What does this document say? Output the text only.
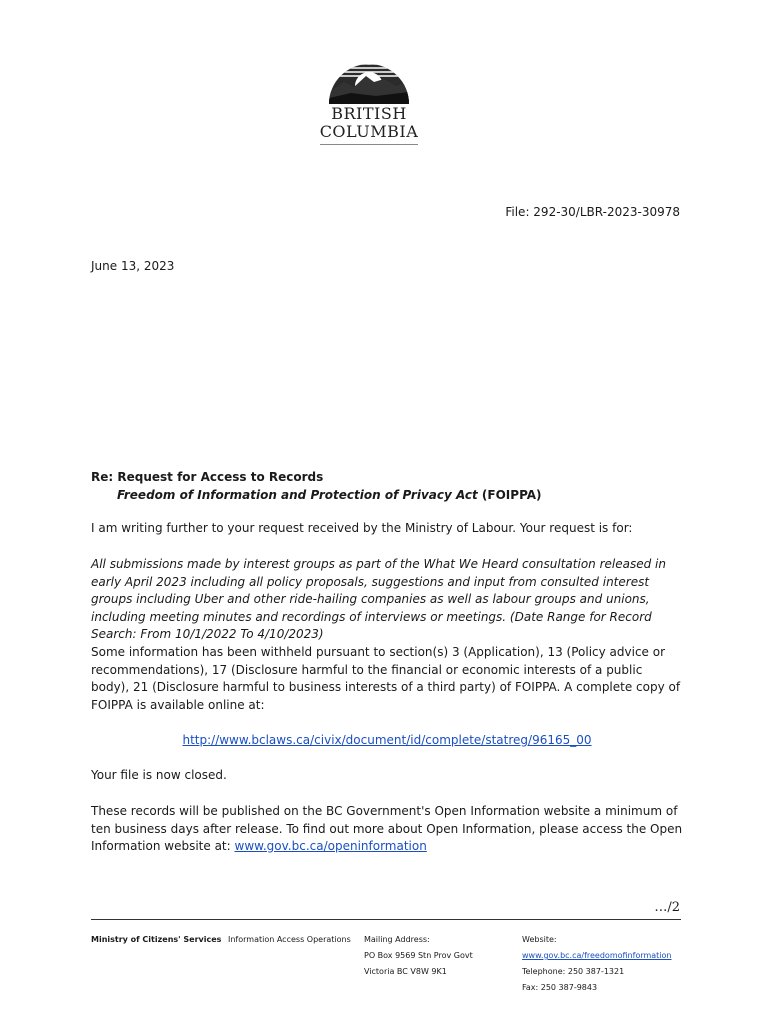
BRITISH
COLUMBIA
File: 292-30/LBR-2023-30978
June 13, 2023
Re: Request for Access to Records
Freedom of Information and Protection of Privacy Act (FOIPPA)
I am writing further to your request received by the Ministry of Labour. Your request is for:
All submissions made by interest groups as part of the What We Heard consultation released in early April 2023 including all policy proposals, suggestions and input from consulted interest groups including Uber and other ride-hailing companies as well as labour groups and unions, including meeting minutes and recordings of interviews or meetings. (Date Range for Record Search: From 10/1/2022 To 4/10/2023)
Some information has been withheld pursuant to section(s) 3 (Application), 13 (Policy advice or recommendations), 17 (Disclosure harmful to the financial or economic interests of a public body), 21 (Disclosure harmful to business interests of a third party) of FOIPPA. A complete copy of FOIPPA is available online at:
http://www.bclaws.ca/civix/document/id/complete/statreg/96165_00
Your file is now closed.
These records will be published on the BC Government's Open Information website a minimum of ten business days after release. To find out more about Open Information, please access the Open Information website at: www.gov.bc.ca/openinformation
…/2
Ministry of Citizens' Services Information Access Operations Mailing Address:
PO Box 9569 Stn Prov Govt
Victoria BC V8W 9K1
Website:
www.gov.bc.ca/freedomofinformation
Telephone: 250 387-1321
Fax: 250 387-9843
